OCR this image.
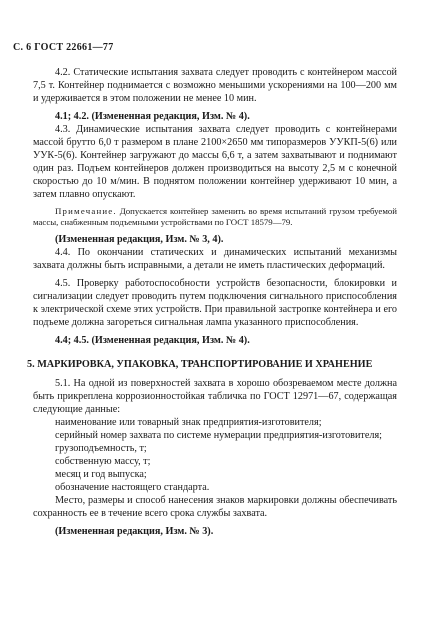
С. 6 ГОСТ 22661—77

4.2. Статические испытания захвата следует проводить с контейнером массой 7,5 т. Контейнер поднимается с возможно меньшими ускорениями на 100—200 мм и удерживается в этом положении не менее 10 мин.

4.1; 4.2. (Измененная редакция, Изм. № 4).

4.3. Динамические испытания захвата следует проводить с контейнерами массой брутто 6,0 т размером в плане 2100×2650 мм типоразмеров УУКП-5(6) или УУК-5(6). Контейнер загружают до массы 6,6 т, а затем захватывают и поднимают один раз. Подъем контейнеров должен производиться на высоту 2,5 м с конечной скоростью до 10 м/мин. В поднятом положении контейнер удерживают 10 мин, а затем плавно опускают.

Примечание. Допускается контейнер заменить во время испытаний грузом требуемой массы, снабженным подъемными устройствами по ГОСТ 18579—79.

(Измененная редакция, Изм. № 3, 4).

4.4. По окончании статических и динамических испытаний механизмы захвата должны быть исправными, а детали не иметь пластических деформаций.

4.5. Проверку работоспособности устройств безопасности, блокировки и сигнализации следует проводить путем подключения сигнального приспособления к электрической схеме этих устройств. При правильной застропке контейнера и его подъеме должна загореться сигнальная лампа указанного приспособления.

4.4; 4.5. (Измененная редакция, Изм. № 4).

5. МАРКИРОВКА, УПАКОВКА, ТРАНСПОРТИРОВАНИЕ И ХРАНЕНИЕ

5.1. На одной из поверхностей захвата в хорошо обозреваемом месте должна быть прикреплена коррозионностойкая табличка по ГОСТ 12971—67, содержащая следующие данные:

наименование или товарный знак предприятия-изготовителя;

серийный номер захвата по системе нумерации предприятия-изготовителя;

грузоподъемность, т;

собственную массу, т;

месяц и год выпуска;

обозначение настоящего стандарта.

Место, размеры и способ нанесения знаков маркировки должны обеспечивать сохранность ее в течение всего срока службы захвата.

(Измененная редакция, Изм. № 3).
